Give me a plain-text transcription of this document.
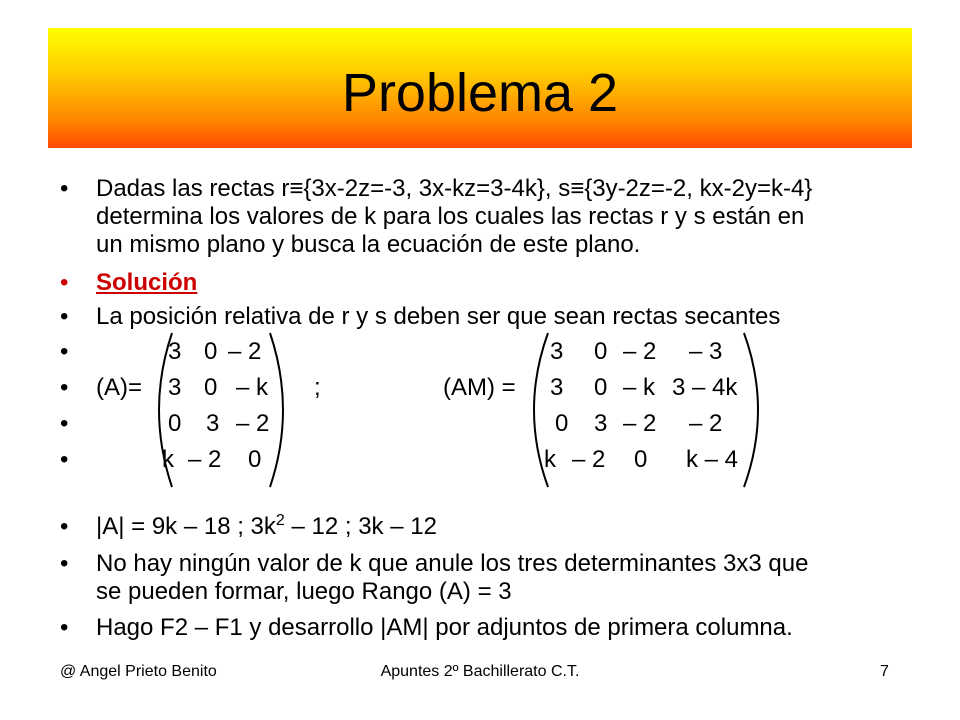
Problema 2
• Dadas las rectas r≡{3x-2z=-3, 3x-kz=3-4k}, s≡{3y-2z=-2, kx-2y=k-4}
determina los valores de k para los cuales las rectas r y s están en
un mismo plano y busca la ecuación de este plano.
• Solución
• La posición relativa de r y s deben ser que sean rectas secantes
•
•
•
•
(A)=	;	(AM) =
3 0 – 2
3 0 – k
0 3 – 2
k – 2 0
3 0 – 2 – 3
3 0 – k 3 – 4k
0 3 – 2 – 2
k – 2 0 k – 4
• |A| = 9k – 18 ; $3k^2 - 12$ ; 3k – 12
• No hay ningún valor de k que anule los tres determinantes 3x3 que
se pueden formar, luego Rango (A) = 3
• Hago F2 – F1 y desarrollo |AM| por adjuntos de primera columna.
@ Angel Prieto Benito	Apuntes 2º Bachillerato C.T.	7
